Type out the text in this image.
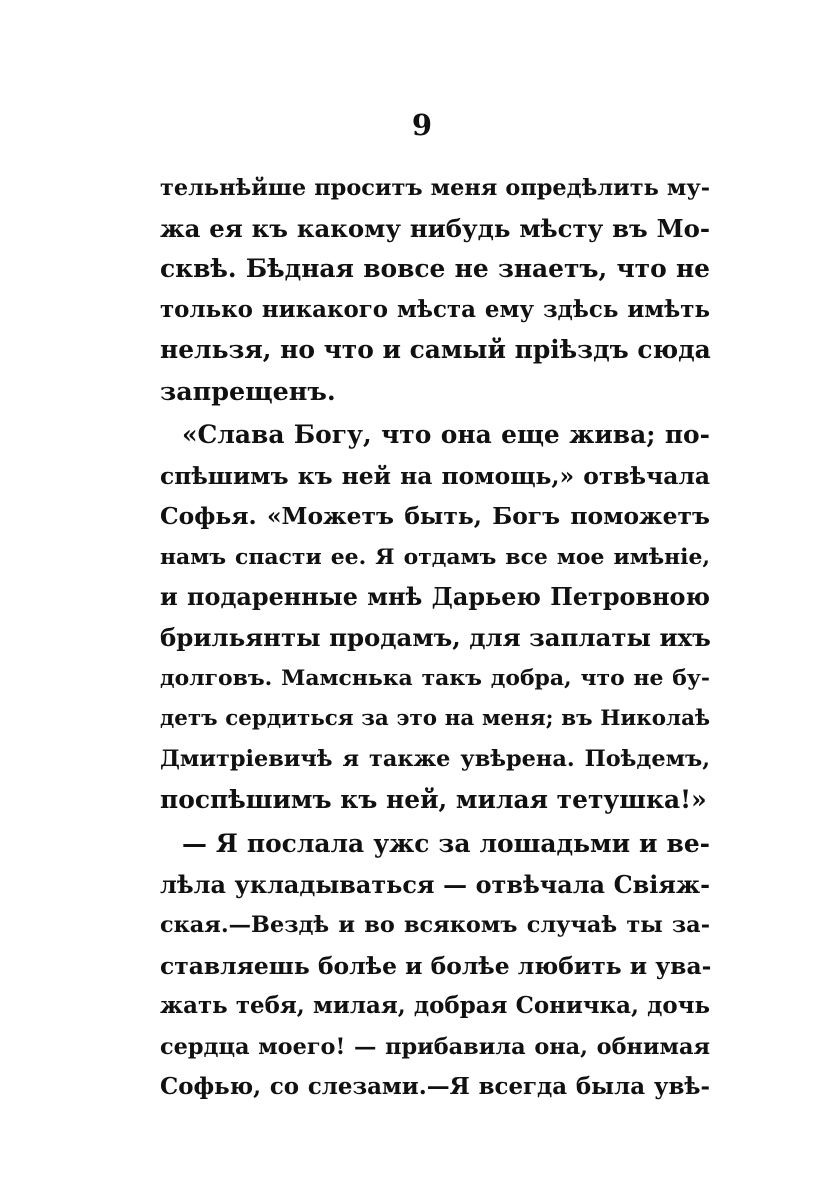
9
тельнѣйше проситъ меня опредѣлить му-
жа ея къ какому нибудь мѣсту въ Мо-
сквѣ. Бѣдная вовсе не знаетъ, что не
только никакого мѣста ему здѣсь имѣть
нельзя, но что и самый пріѣздъ сюда
запрещенъ.
«Слава Богу, что она еще жива; по-
спѣшимъ къ ней на помощь,» отвѣчала
Софья. «Можетъ быть, Богъ поможетъ
намъ спасти ее. Я отдамъ все мое имѣніе,
и подаренные мнѣ Дарьею Петровною
брильянты продамъ, для заплаты ихъ
долговъ. Мамснька такъ добра, что не бу-
детъ сердиться за это на меня; въ Николаѣ
Дмитріевичѣ я также увѣрена. Поѣдемъ,
поспѣшимъ къ ней, милая тетушка!»
— Я послала ужс за лошадьми и ве-
лѣла укладываться — отвѣчала Свіяж-
ская.—Вездѣ и во всякомъ случаѣ ты за-
ставляешь болѣе и болѣе любить и ува-
жать тебя, милая, добрая Соничка, дочь
сердца моего! — прибавила она, обнимая
Софью, со слезами.—Я всегда была увѣ-
